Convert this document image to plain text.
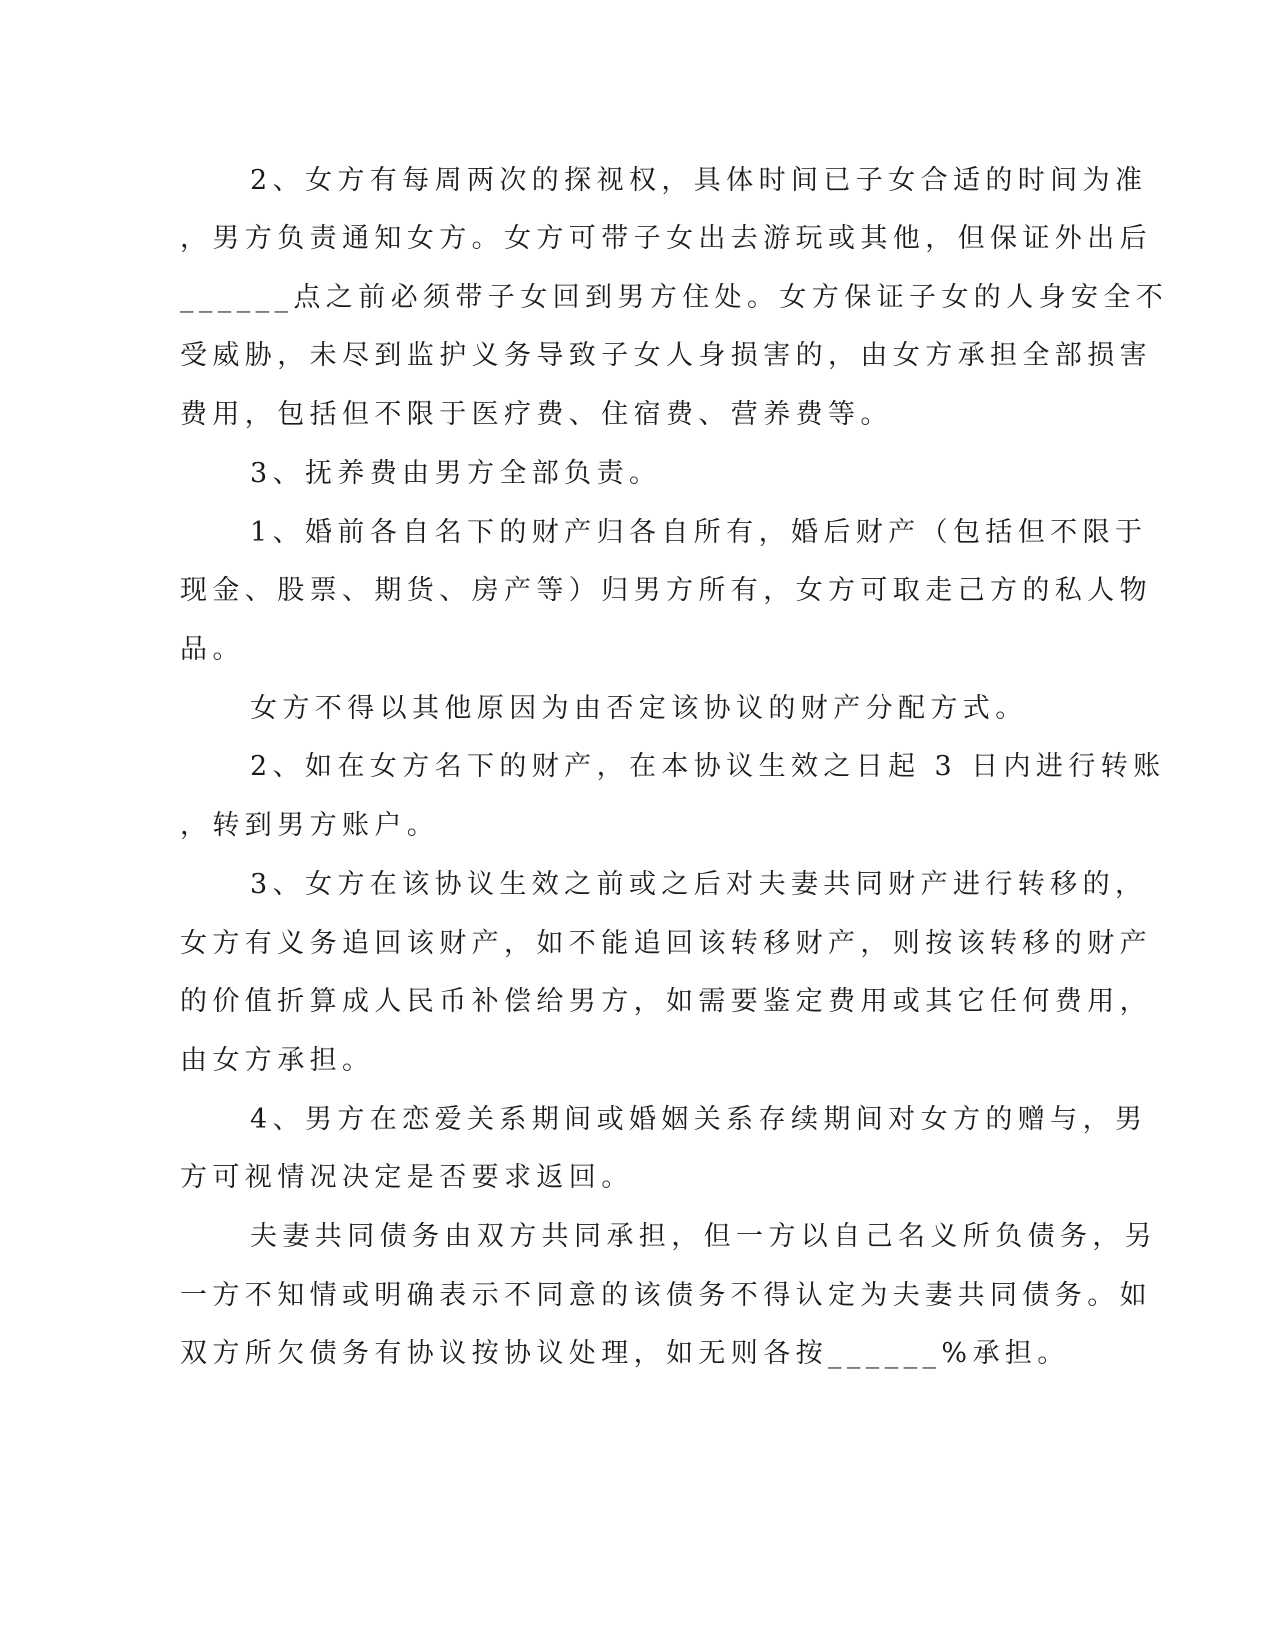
2、女方有每周两次的探视权，具体时间已子女合适的时间为准
，男方负责通知女方。女方可带子女出去游玩或其他，但保证外出后
______点之前必须带子女回到男方住处。女方保证子女的人身安全不
受威胁，未尽到监护义务导致子女人身损害的，由女方承担全部损害
费用，包括但不限于医疗费、住宿费、营养费等。
3、抚养费由男方全部负责。
1、婚前各自名下的财产归各自所有，婚后财产（包括但不限于
现金、股票、期货、房产等）归男方所有，女方可取走己方的私人物
品。
女方不得以其他原因为由否定该协议的财产分配方式。
2、如在女方名下的财产，在本协议生效之日起 3 日内进行转账
，转到男方账户。
3、女方在该协议生效之前或之后对夫妻共同财产进行转移的，
女方有义务追回该财产，如不能追回该转移财产，则按该转移的财产
的价值折算成人民币补偿给男方，如需要鉴定费用或其它任何费用，
由女方承担。
4、男方在恋爱关系期间或婚姻关系存续期间对女方的赠与，男
方可视情况决定是否要求返回。
夫妻共同债务由双方共同承担，但一方以自己名义所负债务，另
一方不知情或明确表示不同意的该债务不得认定为夫妻共同债务。如
双方所欠债务有协议按协议处理，如无则各按______%承担。
